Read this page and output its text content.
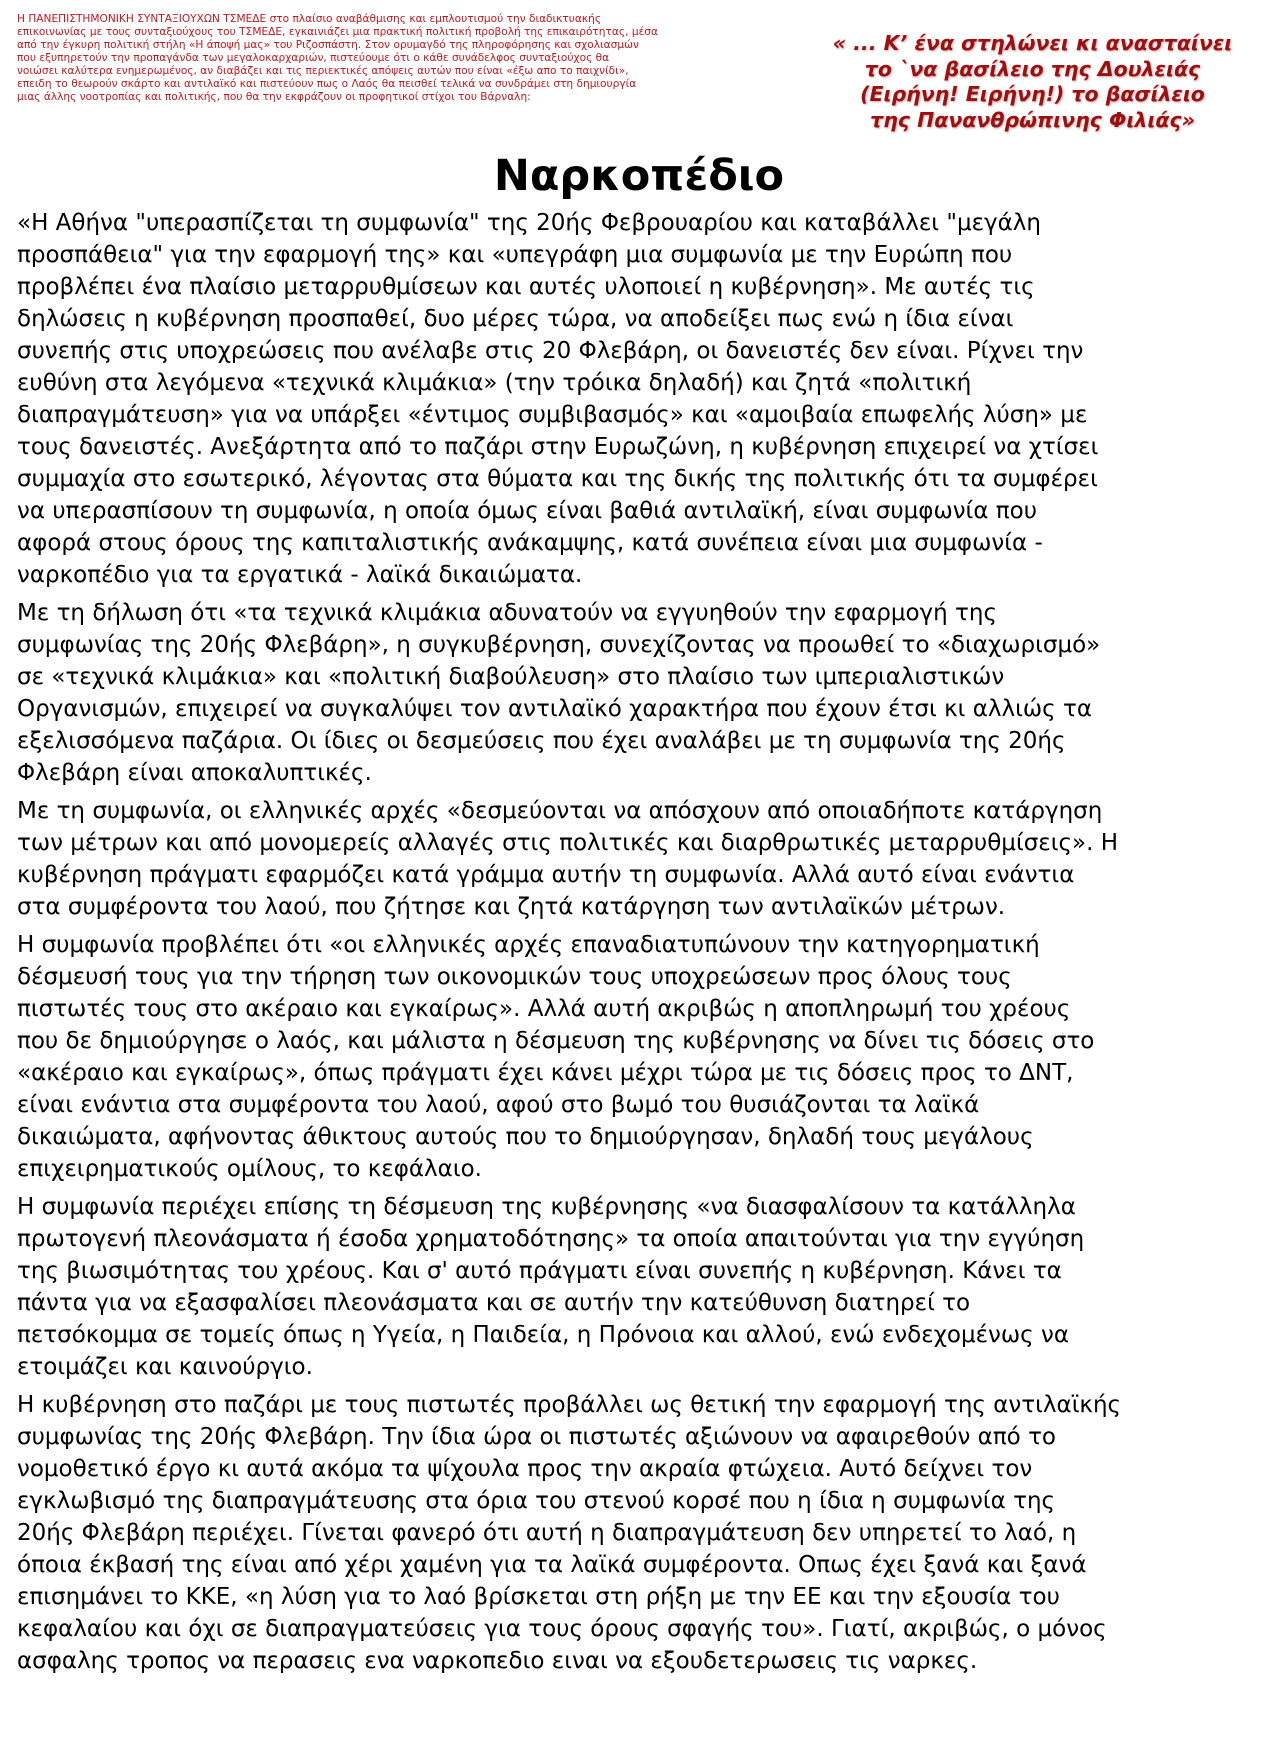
Η ΠΑΝΕΠΙΣΤΗΜΟΝΙΚΗ ΣΥΝΤΑΞΙΟΥΧΩΝ ΤΣΜΕΔΕ στο πλαίσιο αναβάθμισης και εμπλουτισμού την διαδικτυακής
επικοινωνίας με τους συνταξιούχους του ΤΣΜΕΔΕ, εγκαινιάζει μια πρακτική πολιτική προβολή της επικαιρότητας, μέσα
από την έγκυρη πολιτική στήλη «Η άποψή μας» του Ριζοσπάστη. Στον ορυμαγδό της πληροφόρησης και σχολιασμών
που εξυπηρετούν την προπαγάνδα των μεγαλοκαρχαριών, πιστεύουμε ότι ο κάθε συνάδελφος συνταξιούχος θα
νοιώσει καλύτερα ενημερωμένος, αν διαβάζει και τις περιεκτικές απόψεις αυτών που είναι «έξω απο το παιχνίδι»,
επειδη το θεωρούν σκάρτο και αντιλαϊκό και πιστεύουν πως ο Λαός θα πεισθεί τελικά να συνδράμει στη δημιουργία
μιας άλλης νοοτροπίας και πολιτικής, που θα την εκφράζουν οι προφητικοί στίχοι του Βάρναλη:
« ... Κ’ ένα στηλώνει κι ανασταίνει
το `να βασίλειο της Δουλειάς
(Ειρήνη! Ειρήνη!) το βασίλειο
της Πανανθρώπινης Φιλιάς»
Ναρκοπέδιο
«Η Αθήνα "υπερασπίζεται τη συμφωνία" της 20ής Φεβρουαρίου και καταβάλλει "μεγάλη
προσπάθεια" για την εφαρμογή της» και «υπεγράφη μια συμφωνία με την Ευρώπη που
προβλέπει ένα πλαίσιο μεταρρυθμίσεων και αυτές υλοποιεί η κυβέρνηση». Με αυτές τις
δηλώσεις η κυβέρνηση προσπαθεί, δυο μέρες τώρα, να αποδείξει πως ενώ η ίδια είναι
συνεπής στις υποχρεώσεις που ανέλαβε στις 20 Φλεβάρη, οι δανειστές δεν είναι. Ρίχνει την
ευθύνη στα λεγόμενα «τεχνικά κλιμάκια» (την τρόικα δηλαδή) και ζητά «πολιτική
διαπραγμάτευση» για να υπάρξει «έντιμος συμβιβασμός» και «αμοιβαία επωφελής λύση» με
τους δανειστές. Ανεξάρτητα από το παζάρι στην Ευρωζώνη, η κυβέρνηση επιχειρεί να χτίσει
συμμαχία στο εσωτερικό, λέγοντας στα θύματα και της δικής της πολιτικής ότι τα συμφέρει
να υπερασπίσουν τη συμφωνία, η οποία όμως είναι βαθιά αντιλαϊκή, είναι συμφωνία που
αφορά στους όρους της καπιταλιστικής ανάκαμψης, κατά συνέπεια είναι μια συμφωνία -
ναρκοπέδιο για τα εργατικά - λαϊκά δικαιώματα.
Με τη δήλωση ότι «τα τεχνικά κλιμάκια αδυνατούν να εγγυηθούν την εφαρμογή της
συμφωνίας της 20ής Φλεβάρη», η συγκυβέρνηση, συνεχίζοντας να προωθεί το «διαχωρισμό»
σε «τεχνικά κλιμάκια» και «πολιτική διαβούλευση» στο πλαίσιο των ιμπεριαλιστικών
Οργανισμών, επιχειρεί να συγκαλύψει τον αντιλαϊκό χαρακτήρα που έχουν έτσι κι αλλιώς τα
εξελισσόμενα παζάρια. Οι ίδιες οι δεσμεύσεις που έχει αναλάβει με τη συμφωνία της 20ής
Φλεβάρη είναι αποκαλυπτικές.
Με τη συμφωνία, οι ελληνικές αρχές «δεσμεύονται να απόσχουν από οποιαδήποτε κατάργηση
των μέτρων και από μονομερείς αλλαγές στις πολιτικές και διαρθρωτικές μεταρρυθμίσεις». Η
κυβέρνηση πράγματι εφαρμόζει κατά γράμμα αυτήν τη συμφωνία. Αλλά αυτό είναι ενάντια
στα συμφέροντα του λαού, που ζήτησε και ζητά κατάργηση των αντιλαϊκών μέτρων.
Η συμφωνία προβλέπει ότι «οι ελληνικές αρχές επαναδιατυπώνουν την κατηγορηματική
δέσμευσή τους για την τήρηση των οικονομικών τους υποχρεώσεων προς όλους τους
πιστωτές τους στο ακέραιο και εγκαίρως». Αλλά αυτή ακριβώς η αποπληρωμή του χρέους
που δε δημιούργησε ο λαός, και μάλιστα η δέσμευση της κυβέρνησης να δίνει τις δόσεις στο
«ακέραιο και εγκαίρως», όπως πράγματι έχει κάνει μέχρι τώρα με τις δόσεις προς το ΔΝΤ,
είναι ενάντια στα συμφέροντα του λαού, αφού στο βωμό του θυσιάζονται τα λαϊκά
δικαιώματα, αφήνοντας άθικτους αυτούς που το δημιούργησαν, δηλαδή τους μεγάλους
επιχειρηματικούς ομίλους, το κεφάλαιο.
Η συμφωνία περιέχει επίσης τη δέσμευση της κυβέρνησης «να διασφαλίσουν τα κατάλληλα
πρωτογενή πλεονάσματα ή έσοδα χρηματοδότησης» τα οποία απαιτούνται για την εγγύηση
της βιωσιμότητας του χρέους. Και σ' αυτό πράγματι είναι συνεπής η κυβέρνηση. Κάνει τα
πάντα για να εξασφαλίσει πλεονάσματα και σε αυτήν την κατεύθυνση διατηρεί το
πετσόκομμα σε τομείς όπως η Υγεία, η Παιδεία, η Πρόνοια και αλλού, ενώ ενδεχομένως να
ετοιμάζει και καινούργιο.
Η κυβέρνηση στο παζάρι με τους πιστωτές προβάλλει ως θετική την εφαρμογή της αντιλαϊκής
συμφωνίας της 20ής Φλεβάρη. Την ίδια ώρα οι πιστωτές αξιώνουν να αφαιρεθούν από το
νομοθετικό έργο κι αυτά ακόμα τα ψίχουλα προς την ακραία φτώχεια. Αυτό δείχνει τον
εγκλωβισμό της διαπραγμάτευσης στα όρια του στενού κορσέ που η ίδια η συμφωνία της
20ής Φλεβάρη περιέχει. Γίνεται φανερό ότι αυτή η διαπραγμάτευση δεν υπηρετεί το λαό, η
όποια έκβασή της είναι από χέρι χαμένη για τα λαϊκά συμφέροντα. Οπως έχει ξανά και ξανά
επισημάνει το ΚΚΕ, «η λύση για το λαό βρίσκεται στη ρήξη με την ΕΕ και την εξουσία του
κεφαλαίου και όχι σε διαπραγματεύσεις για τους όρους σφαγής του». Γιατί, ακριβώς, ο μόνος
ασφαλης τροπος να περασεις ενα ναρκοπεδιο ειναι να εξουδετερωσεις τις ναρκες.
